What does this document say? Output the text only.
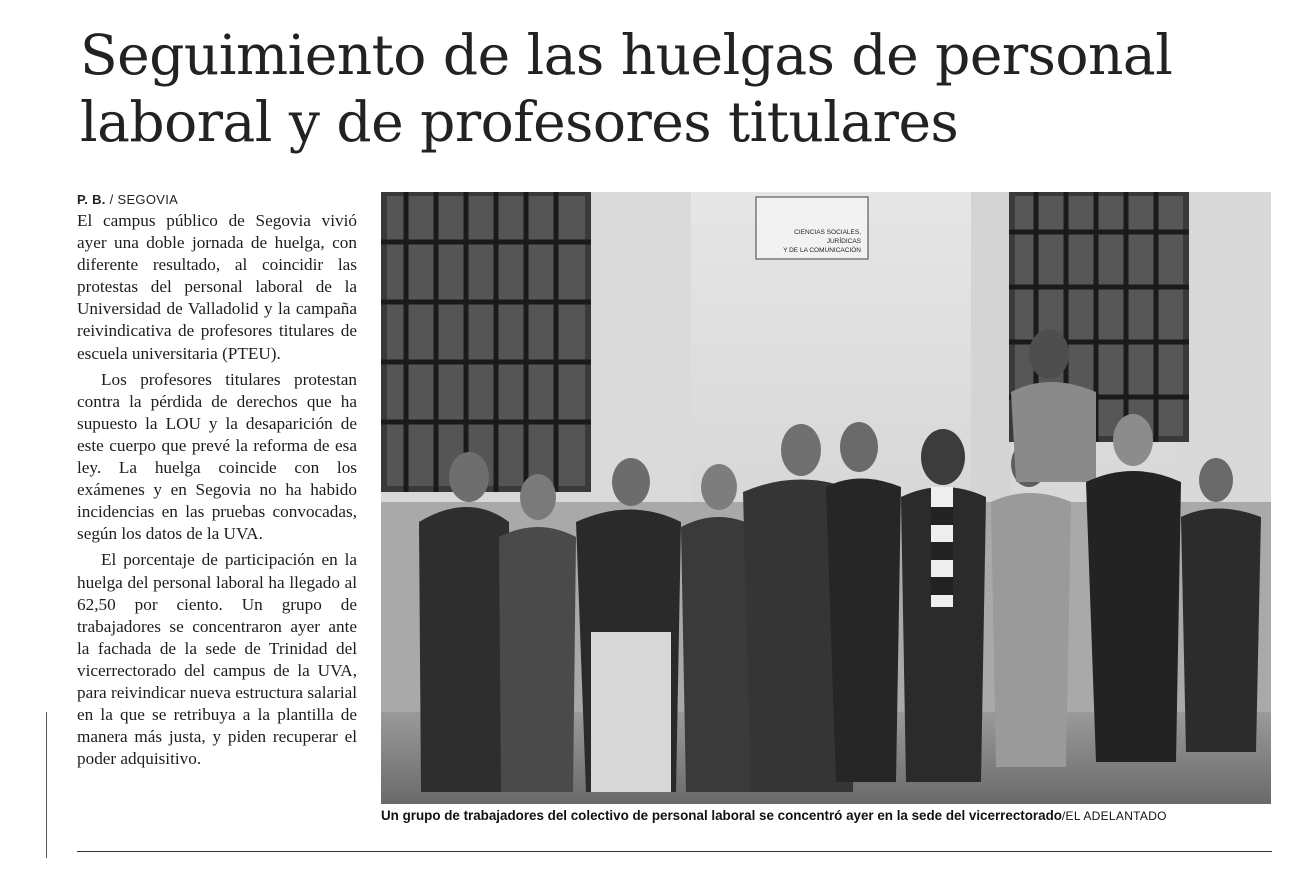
Seguimiento de las huelgas de personal
laboral y de profesores titulares
P. B. / SEGOVIA

El campus público de Segovia vivió ayer una doble jornada de huelga, con diferente resultado, al coincidir las protestas del personal laboral de la Universidad de Valladolid y la campaña reivindicativa de profesores titulares de escuela universitaria (PTEU).

Los profesores titulares protestan contra la pérdida de derechos que ha supuesto la LOU y la desaparición de este cuerpo que prevé la reforma de esa ley. La huelga coincide con los exámenes y en Segovia no ha habido incidencias en las pruebas convocadas, según los datos de la UVA.

El porcentaje de participación en la huelga del personal laboral ha llegado al 62,50 por ciento. Un grupo de trabajadores se concentraron ayer ante la fachada de la sede de Trinidad del vicerrectorado del campus de la UVA, para reivindicar nueva estructura salarial en la que se retribuya a la plantilla de manera más justa, y piden recuperar el poder adquisitivo.

CIENCIAS SOCIALES,
JURÍDICAS
Y DE LA COMUNICACIÓN
Un grupo de trabajadores del colectivo de personal laboral se concentró ayer en la sede del vicerrectorado/EL ADELANTADO
